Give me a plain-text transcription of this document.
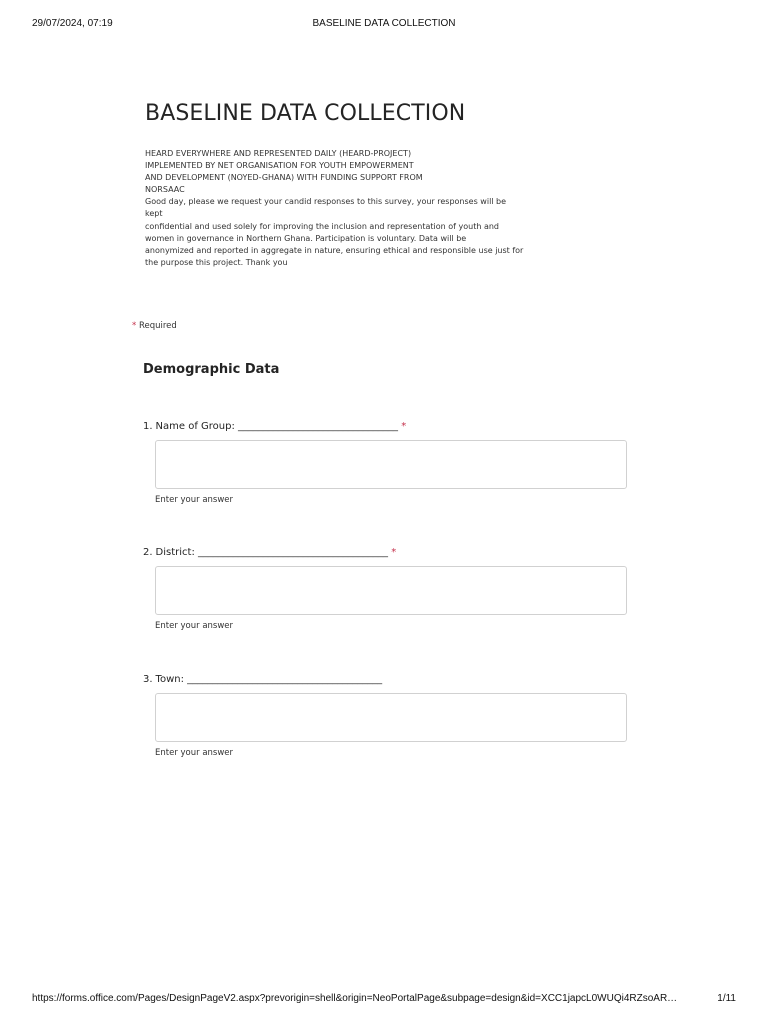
29/07/2024, 07:19	BASELINE DATA COLLECTION
BASELINE DATA COLLECTION
HEARD EVERYWHERE AND REPRESENTED DAILY (HEARD-PROJECT)
IMPLEMENTED BY NET ORGANISATION FOR YOUTH EMPOWERMENT
AND DEVELOPMENT (NOYED-GHANA) WITH FUNDING SUPPORT FROM
NORSAAC
Good day, please we request your candid responses to this survey, your responses will be kept
confidential and used solely for improving the inclusion and representation of youth and
women in governance in Northern Ghana. Participation is voluntary. Data will be
anonymized and reported in aggregate in nature, ensuring ethical and responsible use just for
the purpose this project. Thank you
* Required
Demographic Data
1. Name of Group: ________________________________ *
Enter your answer
2. District: ______________________________________ *
Enter your answer
3. Town: _______________________________________
Enter your answer
https://forms.office.com/Pages/DesignPageV2.aspx?prevorigin=shell&origin=NeoPortalPage&subpage=design&id=XCC1japcL0WUQi4RZsoAR…	1/11
